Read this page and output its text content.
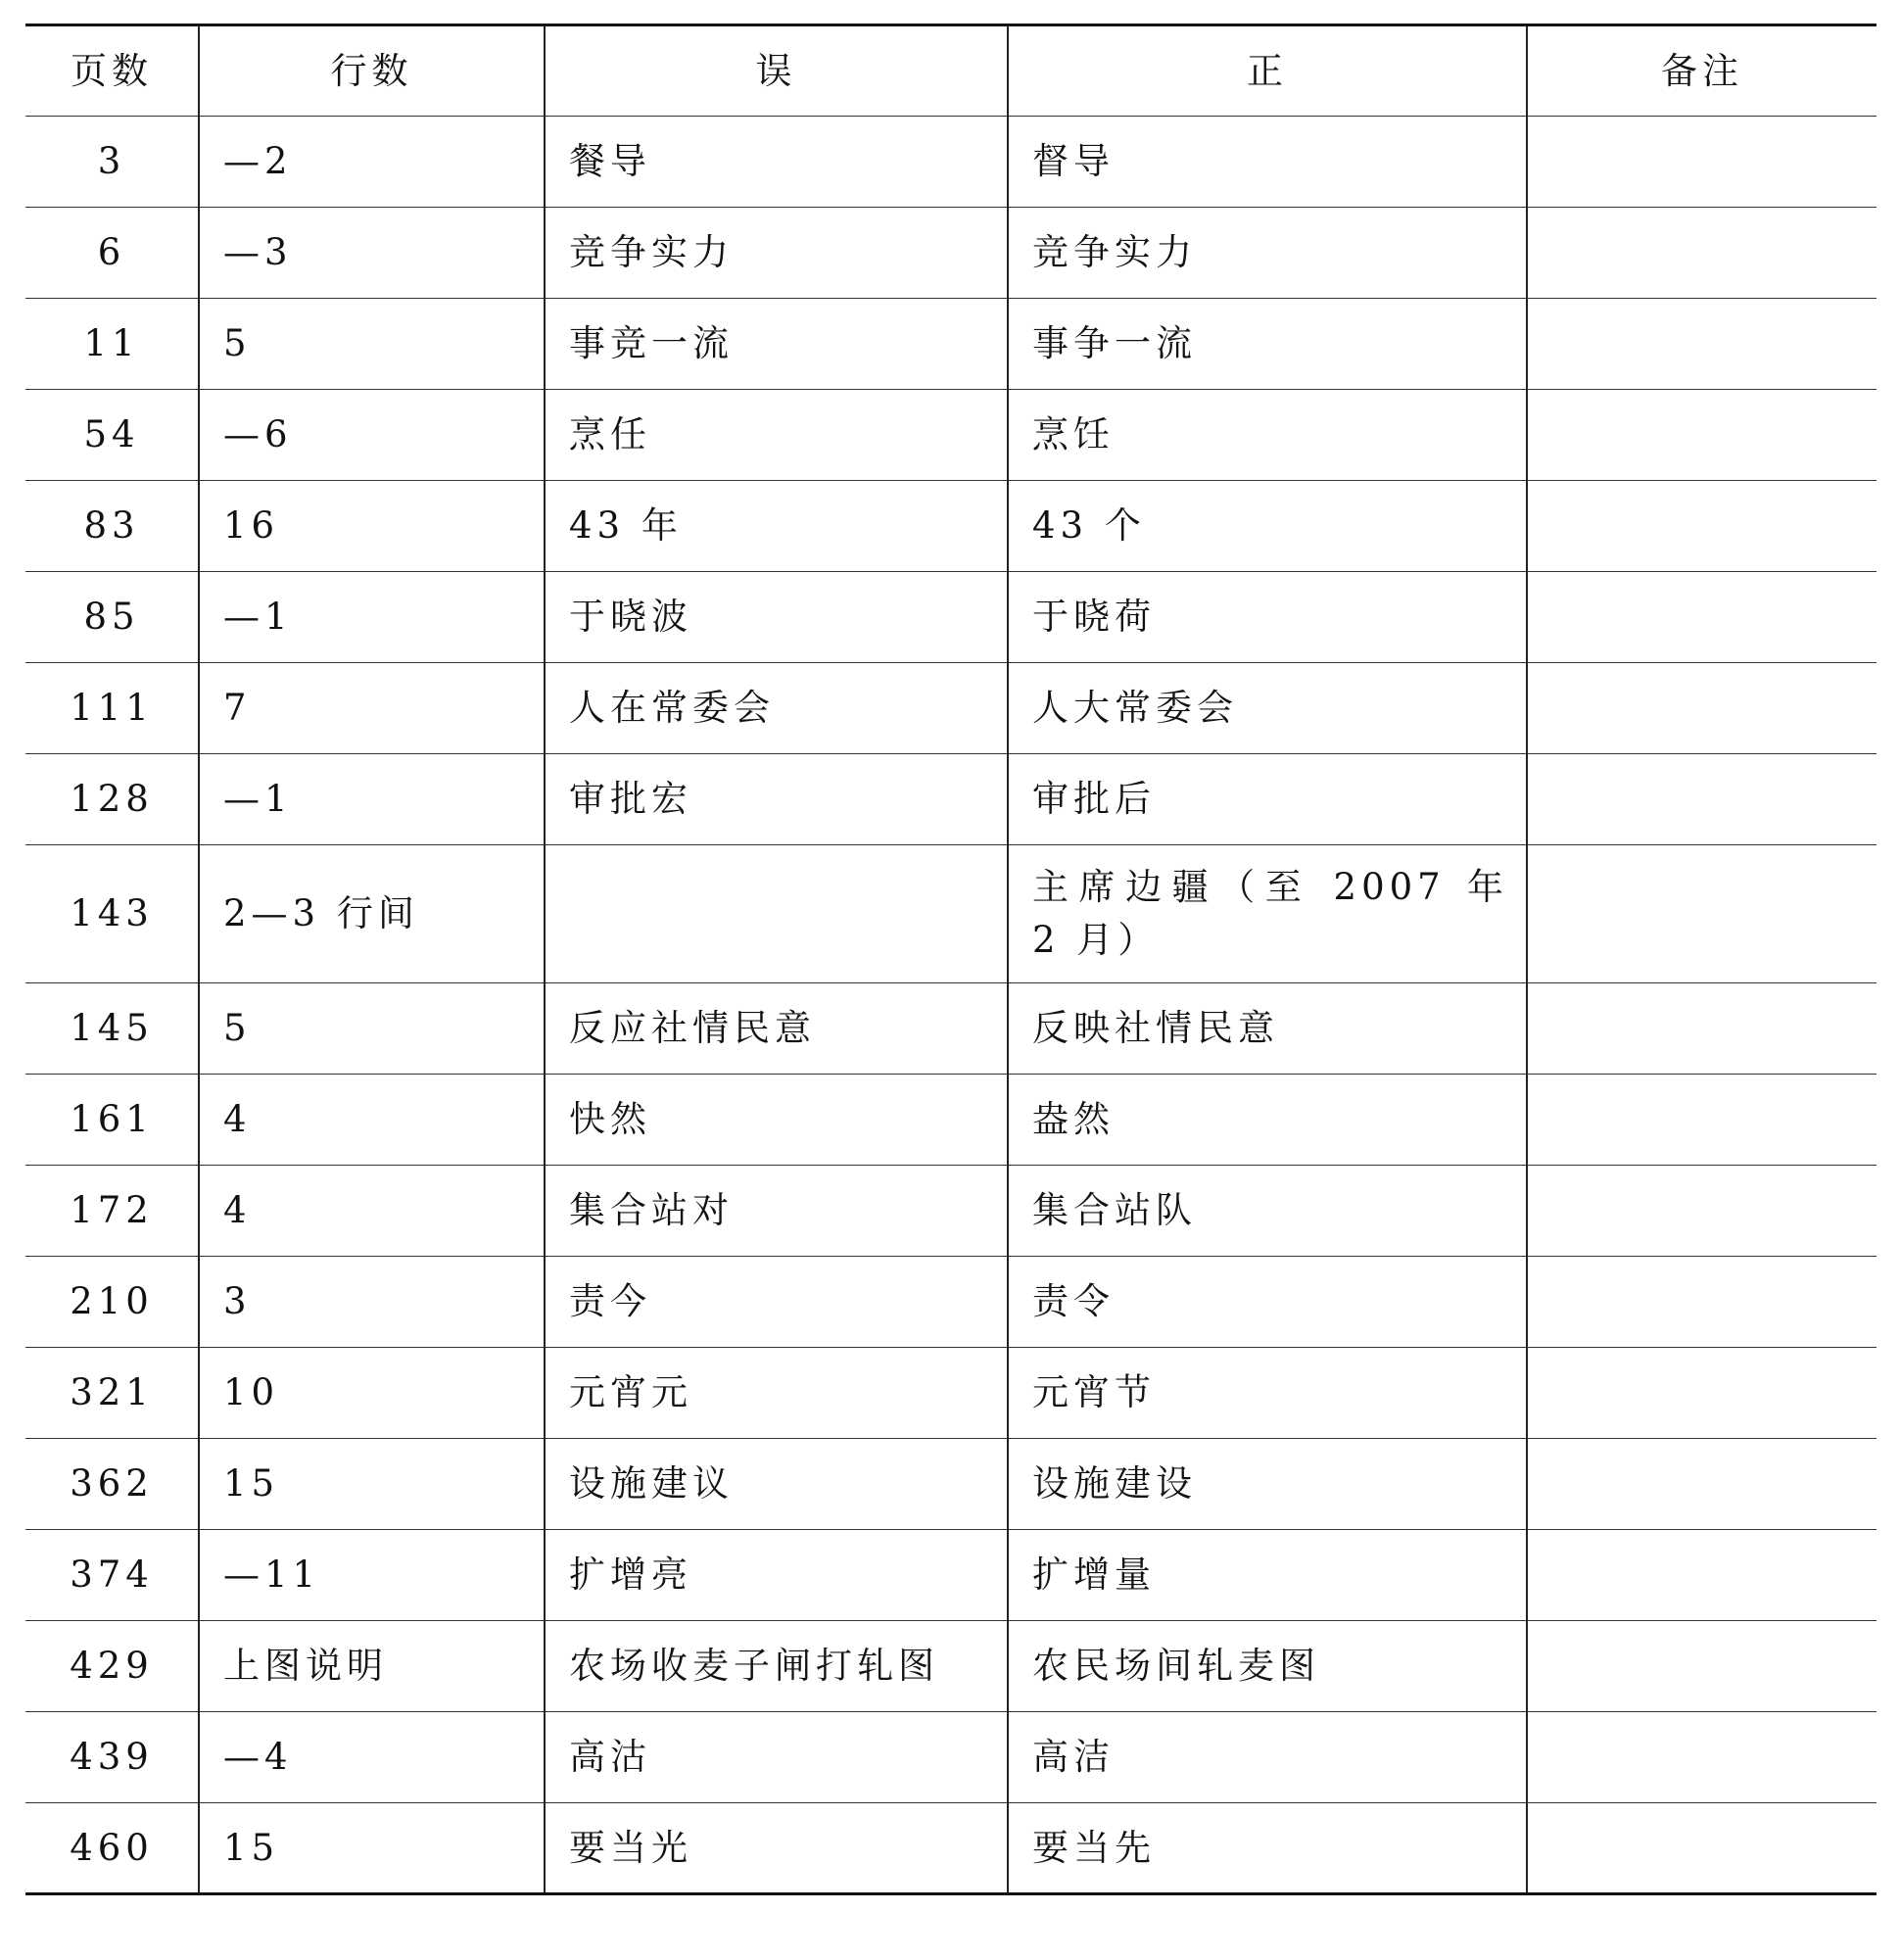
页数	行数	误	正	备注
3	—2	餐导	督导	
6	—3	竞争实力	竞争实力	
11	5	事竞一流	事争一流	
54	—6	烹任	烹饪	
83	16	43 年	43 个	
85	—1	于晓波	于晓荷	
111	7	人在常委会	人大常委会	
128	—1	审批宏	审批后	
143	2—3 行间		主席边疆（至 2007 年 2 月）	
145	5	反应社情民意	反映社情民意	
161	4	快然	盎然	
172	4	集合站对	集合站队	
210	3	责今	责令	
321	10	元宵元	元宵节	
362	15	设施建议	设施建设	
374	—11	扩增亮	扩增量	
429	上图说明	农场收麦子闸打轧图	农民场间轧麦图	
439	—4	高沽	高洁	
460	15	要当光	要当先	
